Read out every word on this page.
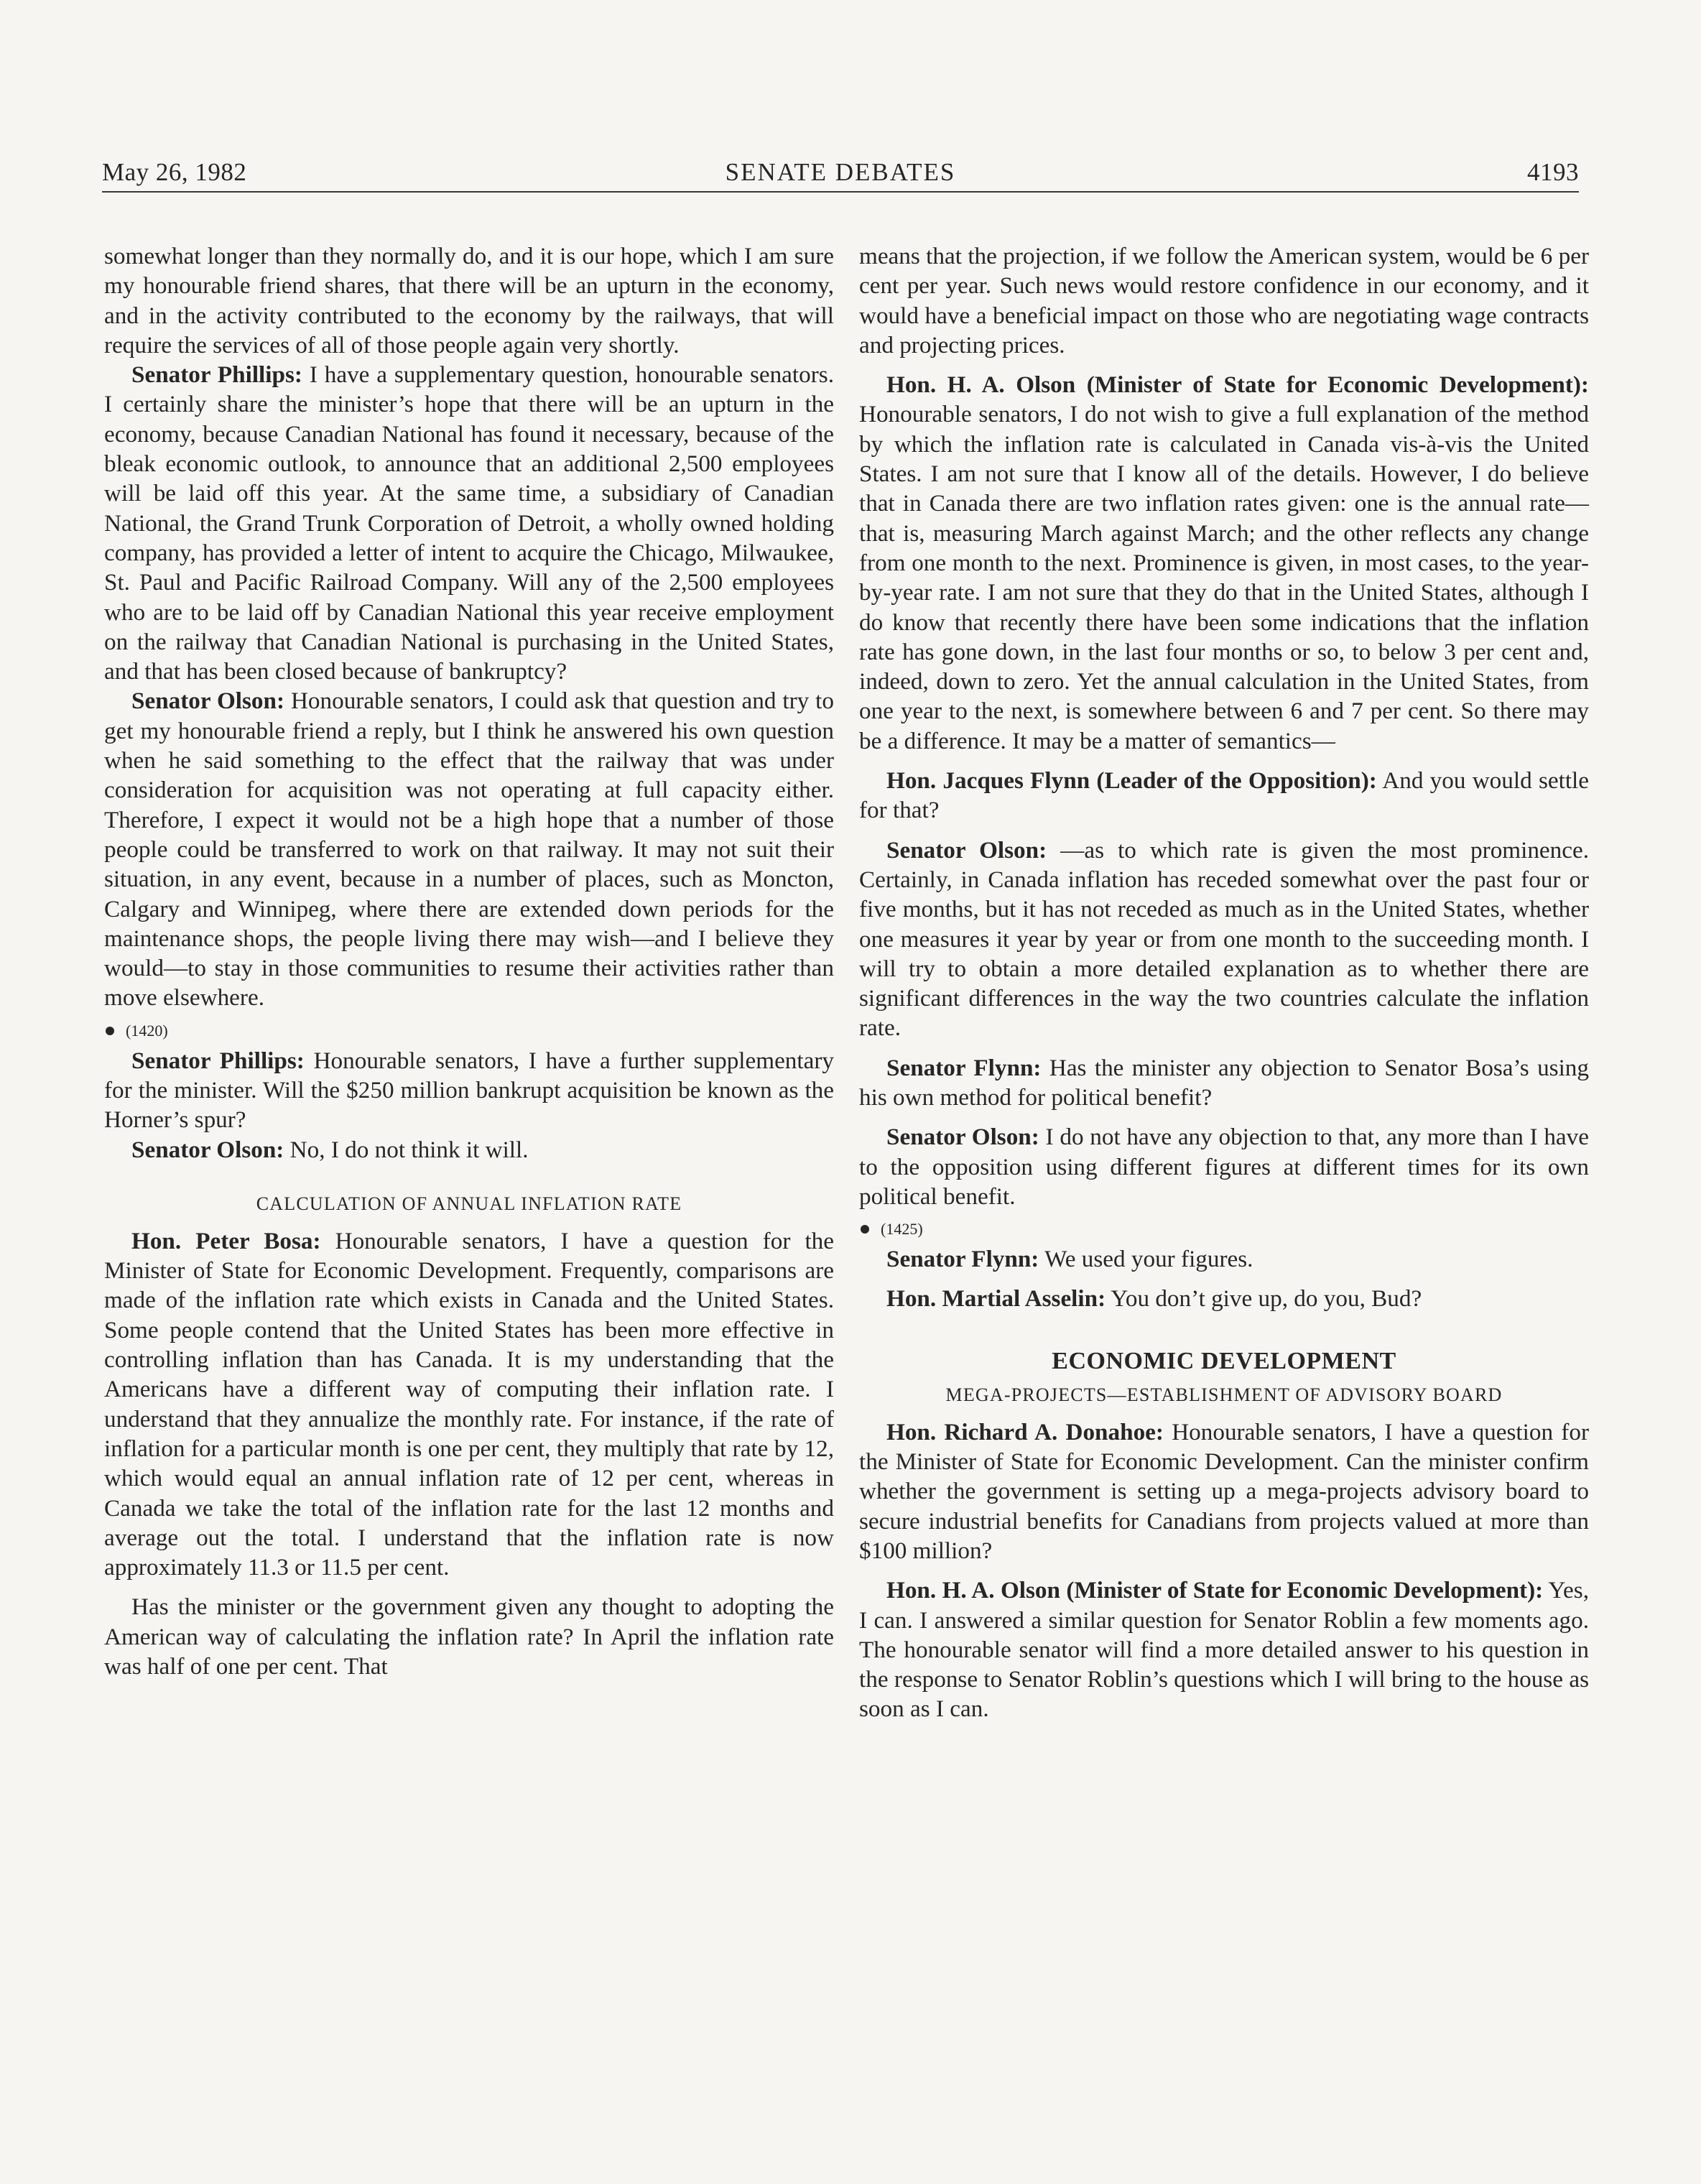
May 26, 1982	SENATE DEBATES	4193

somewhat longer than they normally do, and it is our hope, which I am sure my honourable friend shares, that there will be an upturn in the economy, and in the activity contributed to the economy by the railways, that will require the services of all of those people again very shortly.

Senator Phillips: I have a supplementary question, honourable senators. I certainly share the minister’s hope that there will be an upturn in the economy, because Canadian National has found it necessary, because of the bleak economic outlook, to announce that an additional 2,500 employees will be laid off this year. At the same time, a subsidiary of Canadian National, the Grand Trunk Corporation of Detroit, a wholly owned holding company, has provided a letter of intent to acquire the Chicago, Milwaukee, St. Paul and Pacific Railroad Company. Will any of the 2,500 employees who are to be laid off by Canadian National this year receive employment on the railway that Canadian National is purchasing in the United States, and that has been closed because of bankruptcy?

Senator Olson: Honourable senators, I could ask that question and try to get my honourable friend a reply, but I think he answered his own question when he said something to the effect that the railway that was under consideration for acquisition was not operating at full capacity either. Therefore, I expect it would not be a high hope that a number of those people could be transferred to work on that railway. It may not suit their situation, in any event, because in a number of places, such as Moncton, Calgary and Winnipeg, where there are extended down periods for the maintenance shops, the people living there may wish—and I believe they would—to stay in those communities to resume their activities rather than move elsewhere.

(1420)

Senator Phillips: Honourable senators, I have a further supplementary for the minister. Will the $250 million bankrupt acquisition be known as the Horner’s spur?

Senator Olson: No, I do not think it will.

CALCULATION OF ANNUAL INFLATION RATE

Hon. Peter Bosa: Honourable senators, I have a question for the Minister of State for Economic Development. Frequently, comparisons are made of the inflation rate which exists in Canada and the United States. Some people contend that the United States has been more effective in controlling inflation than has Canada. It is my understanding that the Americans have a different way of computing their inflation rate. I understand that they annualize the monthly rate. For instance, if the rate of inflation for a particular month is one per cent, they multiply that rate by 12, which would equal an annual inflation rate of 12 per cent, whereas in Canada we take the total of the inflation rate for the last 12 months and average out the total. I understand that the inflation rate is now approximately 11.3 or 11.5 per cent.

Has the minister or the government given any thought to adopting the American way of calculating the inflation rate? In April the inflation rate was half of one per cent. That

means that the projection, if we follow the American system, would be 6 per cent per year. Such news would restore confidence in our economy, and it would have a beneficial impact on those who are negotiating wage contracts and projecting prices.

Hon. H. A. Olson (Minister of State for Economic Development): Honourable senators, I do not wish to give a full explanation of the method by which the inflation rate is calculated in Canada vis-à-vis the United States. I am not sure that I know all of the details. However, I do believe that in Canada there are two inflation rates given: one is the annual rate—that is, measuring March against March; and the other reflects any change from one month to the next. Prominence is given, in most cases, to the year-by-year rate. I am not sure that they do that in the United States, although I do know that recently there have been some indications that the inflation rate has gone down, in the last four months or so, to below 3 per cent and, indeed, down to zero. Yet the annual calculation in the United States, from one year to the next, is somewhere between 6 and 7 per cent. So there may be a difference. It may be a matter of semantics—

Hon. Jacques Flynn (Leader of the Opposition): And you would settle for that?

Senator Olson: —as to which rate is given the most prominence. Certainly, in Canada inflation has receded somewhat over the past four or five months, but it has not receded as much as in the United States, whether one measures it year by year or from one month to the succeeding month. I will try to obtain a more detailed explanation as to whether there are significant differences in the way the two countries calculate the inflation rate.

Senator Flynn: Has the minister any objection to Senator Bosa’s using his own method for political benefit?

Senator Olson: I do not have any objection to that, any more than I have to the opposition using different figures at different times for its own political benefit.

(1425)

Senator Flynn: We used your figures.

Hon. Martial Asselin: You don’t give up, do you, Bud?

ECONOMIC DEVELOPMENT
MEGA-PROJECTS—ESTABLISHMENT OF ADVISORY BOARD

Hon. Richard A. Donahoe: Honourable senators, I have a question for the Minister of State for Economic Development. Can the minister confirm whether the government is setting up a mega-projects advisory board to secure industrial benefits for Canadians from projects valued at more than $100 million?

Hon. H. A. Olson (Minister of State for Economic Development): Yes, I can. I answered a similar question for Senator Roblin a few moments ago. The honourable senator will find a more detailed answer to his question in the response to Senator Roblin’s questions which I will bring to the house as soon as I can.
